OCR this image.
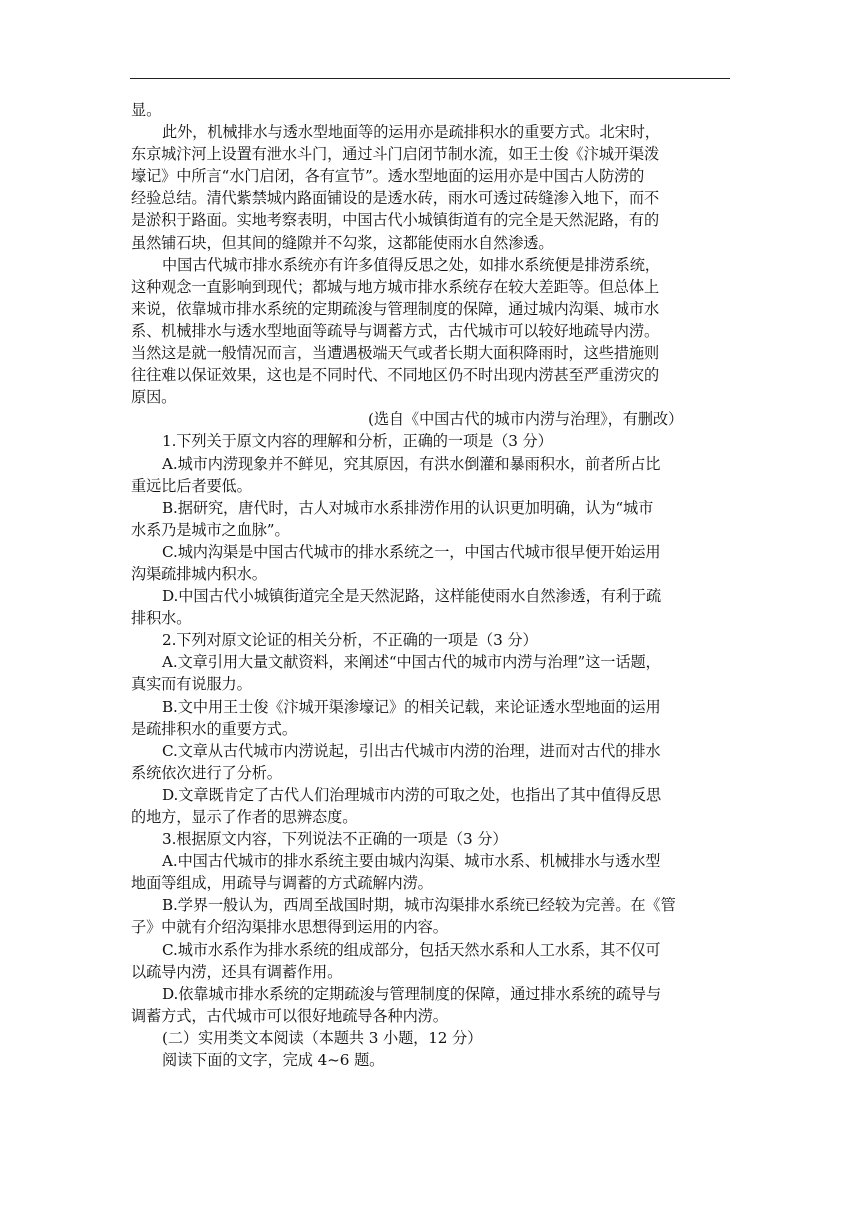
显。
此外，机械排水与透水型地面等的运用亦是疏排积水的重要方式。北宋时，
东京城汴河上设置有泄水斗门，通过斗门启闭节制水流，如王士俊《汴城开渠泼
壕记》中所言“水门启闭，各有宣节”。透水型地面的运用亦是中国古人防涝的
经验总结。清代紫禁城内路面铺设的是透水砖，雨水可透过砖缝渗入地下，而不
是淤积于路面。实地考察表明，中国古代小城镇街道有的完全是天然泥路，有的
虽然铺石块，但其间的缝隙并不勾浆，这都能使雨水自然渗透。
中国古代城市排水系统亦有许多值得反思之处，如排水系统便是排涝系统，
这种观念一直影响到现代；都城与地方城市排水系统存在较大差距等。但总体上
来说，依靠城市排水系统的定期疏浚与管理制度的保障，通过城内沟渠、城市水
系、机械排水与透水型地面等疏导与调蓄方式，古代城市可以较好地疏导内涝。
当然这是就一般情况而言，当遭遇极端天气或者长期大面积降雨时，这些措施则
往往难以保证效果，这也是不同时代、不同地区仍不时出现内涝甚至严重涝灾的
原因。
(选自《中国古代的城市内涝与治理》，有删改）
1.下列关于原文内容的理解和分析，正确的一项是（3 分）
A.城市内涝现象并不鲜见，究其原因，有洪水倒灌和暴雨积水，前者所占比
重远比后者要低。
B.据研究，唐代时，古人对城市水系排涝作用的认识更加明确，认为“城市
水系乃是城市之血脉”。
C.城内沟渠是中国古代城市的排水系统之一，中国古代城市很早便开始运用
沟渠疏排城内积水。
D.中国古代小城镇街道完全是天然泥路，这样能使雨水自然渗透，有利于疏
排积水。
2.下列对原文论证的相关分析，不正确的一项是（3 分）
A.文章引用大量文献资料，来阐述“中国古代的城市内涝与治理”这一话题，
真实而有说服力。
B.文中用王士俊《汴城开渠渗壕记》的相关记载，来论证透水型地面的运用
是疏排积水的重要方式。
C.文章从古代城市内涝说起，引出古代城市内涝的治理，进而对古代的排水
系统依次进行了分析。
D.文章既肯定了古代人们治理城市内涝的可取之处，也指出了其中值得反思
的地方，显示了作者的思辨态度。
3.根据原文内容，下列说法不正确的一项是（3 分）
A.中国古代城市的排水系统主要由城内沟渠、城市水系、机械排水与透水型
地面等组成，用疏导与调蓄的方式疏解内涝。
B.学界一般认为，西周至战国时期，城市沟渠排水系统已经较为完善。在《管
子》中就有介绍沟渠排水思想得到运用的内容。
C.城市水系作为排水系统的组成部分，包括天然水系和人工水系，其不仅可
以疏导内涝，还具有调蓄作用。
D.依靠城市排水系统的定期疏浚与管理制度的保障，通过排水系统的疏导与
调蓄方式，古代城市可以很好地疏导各种内涝。
(二）实用类文本阅读（本题共 3 小题，12 分）
阅读下面的文字，完成 4~6 题。
